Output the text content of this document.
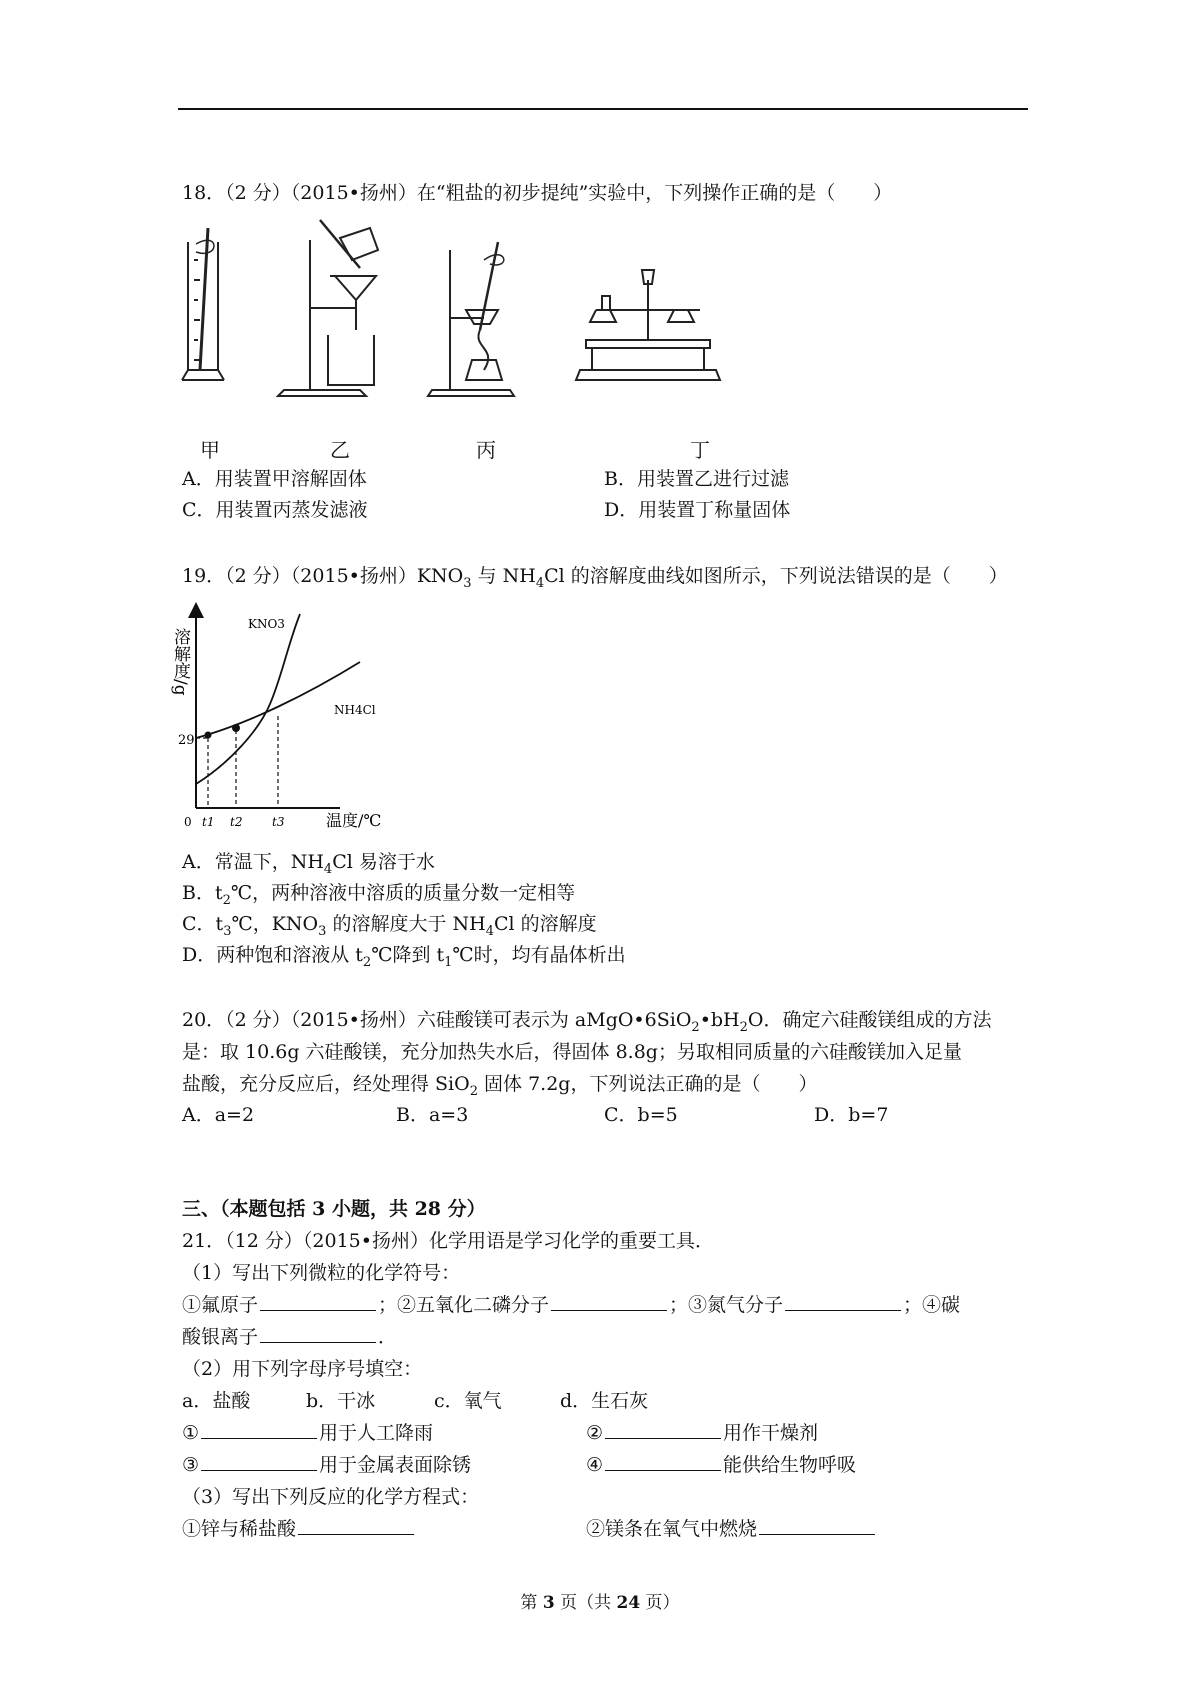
18．（2 分）（2015•扬州）在“粗盐的初步提纯”实验中，下列操作正确的是（　　）
甲	乙	丙	丁
A．用装置甲溶解固体	B．用装置乙进行过滤
C．用装置丙蒸发滤液	D．用装置丁称量固体
19．（2 分）（2015•扬州）$KNO_3$ 与 $NH_4Cl$ 的溶解度曲线如图所示，下列说法错误的是（　　）
溶解度/g
29
0 t1 t2 t3	温度/℃
KNO3
NH4Cl
A．常温下，$NH_4Cl$ 易溶于水
B．$t_2℃$，两种溶液中溶质的质量分数一定相等
C．$t_3℃$，$KNO_3$ 的溶解度大于 $NH_4Cl$ 的溶解度
D．两种饱和溶液从 $t_2℃$降到 $t_1℃$时，均有晶体析出
20．（2 分）（2015•扬州）六硅酸镁可表示为 $aMgO•6SiO_2•bH_2O$．确定六硅酸镁组成的方法
是：取 10.6g 六硅酸镁，充分加热失水后，得固体 8.8g；另取相同质量的六硅酸镁加入足量
盐酸，充分反应后，经处理得 SiO$_2$ 固体 7.2g，下列说法正确的是（　　）
A．a=2	B．a=3	C．b=5	D．b=7
三、（本题包括 3 小题，共 28 分）
21．（12 分）（2015•扬州）化学用语是学习化学的重要工具．
（1）写出下列微粒的化学符号：
①氟原子	；②五氧化二磷分子	；③氮气分子	；④碳
酸银离子	．
（2）用下列字母序号填空：
a．盐酸	b．干冰	c．氧气	d．生石灰
①	用于人工降雨	②	用作干燥剂
③	用于金属表面除锈	④	能供给生物呼吸
（3）写出下列反应的化学方程式：
①锌与稀盐酸	②镁条在氧气中燃烧
第 3 页（共 24 页）
